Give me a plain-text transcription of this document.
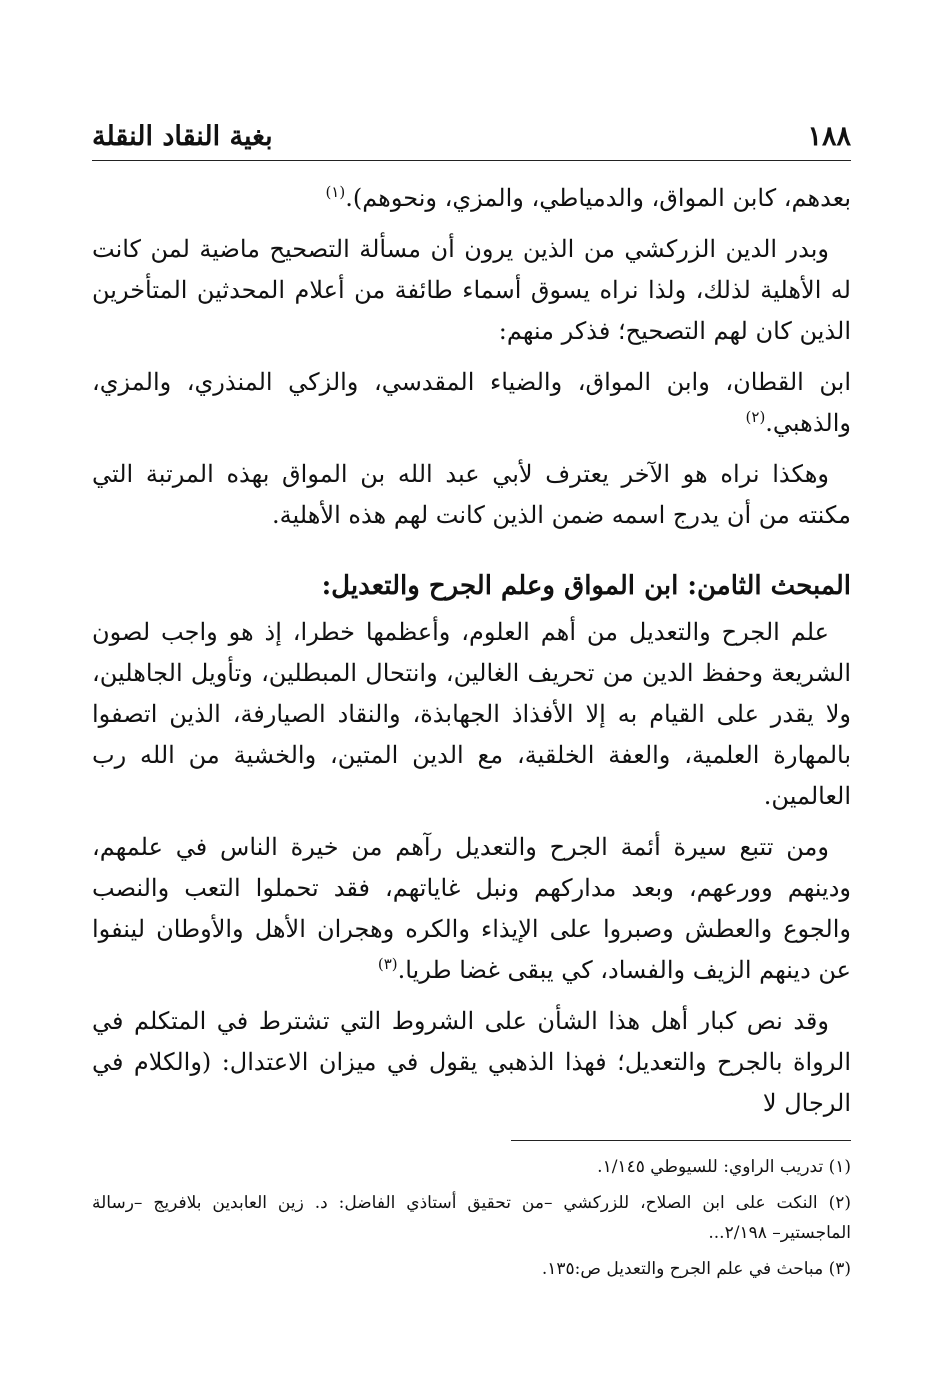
١٨٨
بغية النقاد النقلة

بعدهم، كابن المواق، والدمياطي، والمزي، ونحوهم).$^{(١)}$

وبدر الدين الزركشي من الذين يرون أن مسألة التصحيح ماضية لمن كانت له الأهلية لذلك، ولذا نراه يسوق أسماء طائفة من أعلام المحدثين المتأخرين الذين كان لهم التصحيح؛ فذكر منهم:

ابن القطان، وابن المواق، والضياء المقدسي، والزكي المنذري، والمزي، والذهبي.$^{(٢)}$

وهكذا نراه هو الآخر يعترف لأبي عبد الله بن المواق بهذه المرتبة التي مكنته من أن يدرج اسمه ضمن الذين كانت لهم هذه الأهلية.

المبحث الثامن: ابن المواق وعلم الجرح والتعديل:

علم الجرح والتعديل من أهم العلوم، وأعظمها خطرا، إذ هو واجب لصون الشريعة وحفظ الدين من تحريف الغالين، وانتحال المبطلين، وتأويل الجاهلين، ولا يقدر على القيام به إلا الأفذاذ الجهابذة، والنقاد الصيارفة، الذين اتصفوا بالمهارة العلمية، والعفة الخلقية، مع الدين المتين، والخشية من الله رب العالمين.

ومن تتبع سيرة أئمة الجرح والتعديل رآهم من خيرة الناس في علمهم، ودينهم وورعهم، وبعد مداركهم ونبل غاياتهم، فقد تحملوا التعب والنصب والجوع والعطش وصبروا على الإيذاء والكره وهجران الأهل والأوطان لينفوا عن دينهم الزيف والفساد، كي يبقى غضا طريا.$^{(٣)}$

وقد نص كبار أهل هذا الشأن على الشروط التي تشترط في المتكلم في الرواة بالجرح والتعديل؛ فهذا الذهبي يقول في ميزان الاعتدال: (والكلام في الرجال لا

(١) تدريب الراوي: للسيوطي ١/١٤٥.

(٢) النكت على ابن الصلاح، للزركشي –من تحقيق أستاذي الفاضل: د. زين العابدين بلافريج –رسالة الماجستير– ٢/١٩٨...

(٣) مباحث في علم الجرح والتعديل ص:١٣٥.
